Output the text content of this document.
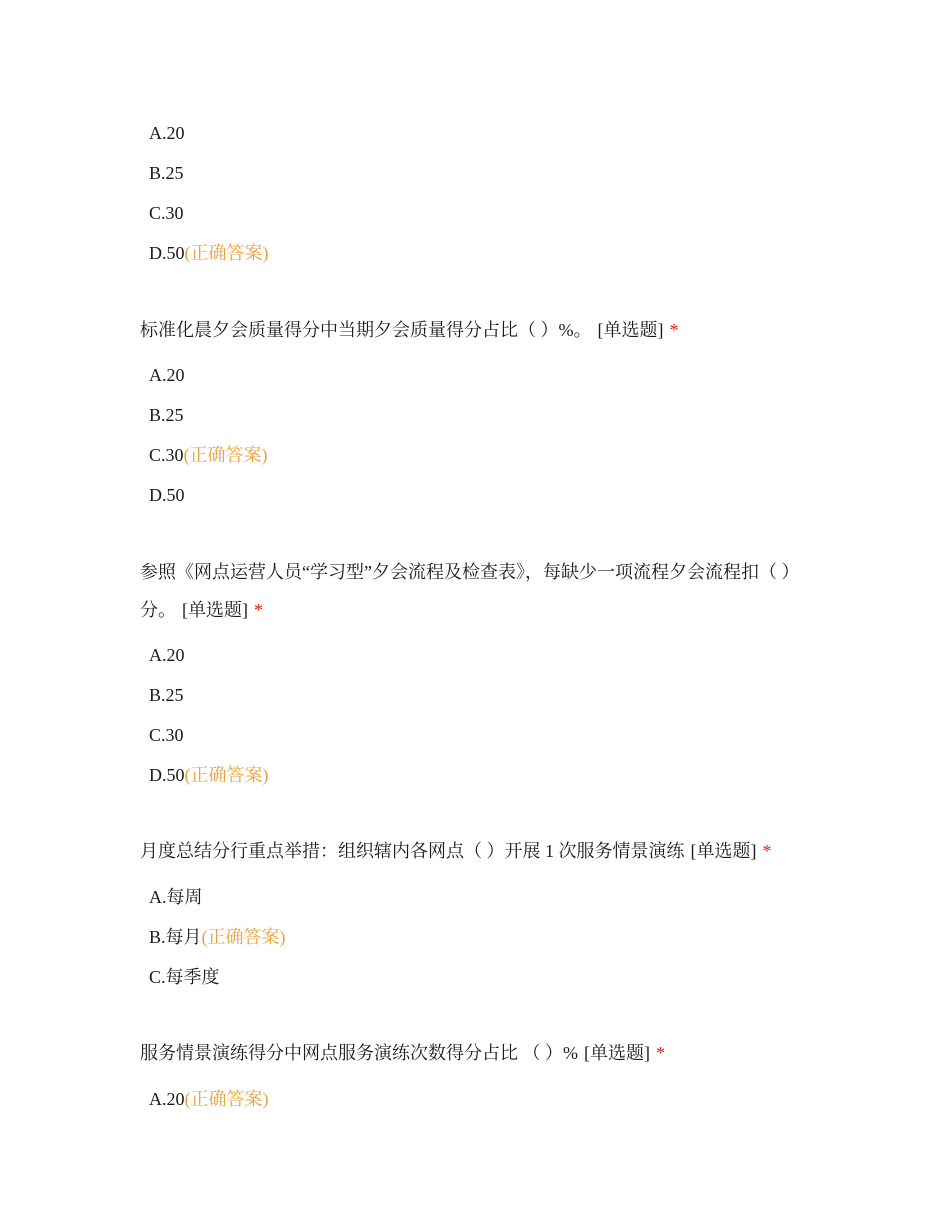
A.20
B.25
C.30
D.50(正确答案)
标准化晨夕会质量得分中当期夕会质量得分占比（ ）%。 [单选题] *
A.20
B.25
C.30(正确答案)
D.50
参照《网点运营人员“学习型”夕会流程及检查表》，每缺少一项流程夕会流程扣（ ）分。 [单选题] *
A.20
B.25
C.30
D.50(正确答案)
月度总结分行重点举措：组织辖内各网点（ ）开展 1 次服务情景演练 [单选题] *
A.每周
B.每月(正确答案)
C.每季度
服务情景演练得分中网点服务演练次数得分占比 （ ）% [单选题] *
A.20(正确答案)
